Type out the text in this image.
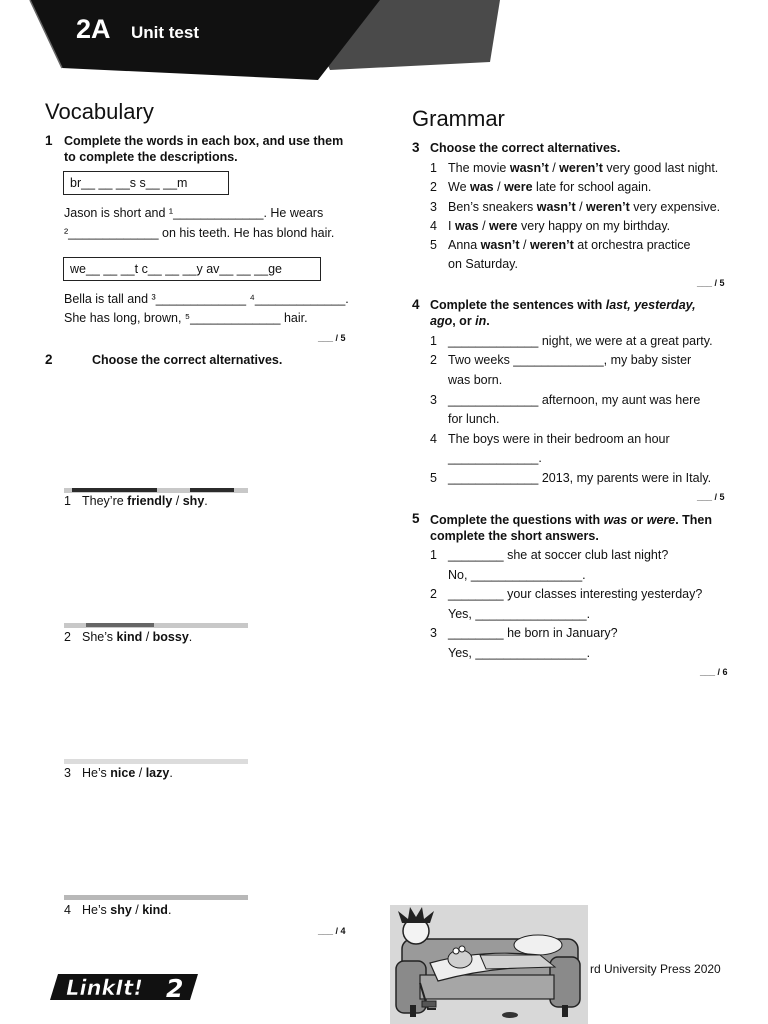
2A Unit test
Vocabulary
1 Complete the words in each box, and use them
to complete the descriptions.
br__ __ __s s__ __m
Jason is short and ¹_____________. He wears
²_____________ on his teeth. He has blond hair.
we__ __ __t c__ __ __y av__ __ __ge
Bella is tall and ³_____________ ⁴_____________.
She has long, brown, ⁵_____________ hair.
___ / 5
2	Choose the correct alternatives.
1 They’re friendly / shy.
2 She’s kind / bossy.
3 He’s nice / lazy.
4 He’s shy / kind.
___ / 4
Grammar
3 Choose the correct alternatives.
1 The movie wasn’t / weren’t very good last night.
2 We was / were late for school again.
3 Ben’s sneakers wasn’t / weren’t very expensive.
4 I was / were very happy on my birthday.
5 Anna wasn’t / weren’t at orchestra practice
on Saturday.
___ / 5
4 Complete the sentences with last, yesterday,
ago, or in.
1 _____________ night, we were at a great party.
2 Two weeks _____________, my baby sister
was born.
3 _____________ afternoon, my aunt was here
for lunch.
4 The boys were in their bedroom an hour
_____________.
5 _____________ 2013, my parents were in Italy.
___ / 5
5 Complete the questions with was or were. Then
complete the short answers.
1 ________ she at soccer club last night?
No, ________________.
2 ________ your classes interesting yesterday?
Yes, ________________.
3 ________ he born in January?
Yes, ________________.
___ / 6
LinkIt! 2
rd University Press 2020
